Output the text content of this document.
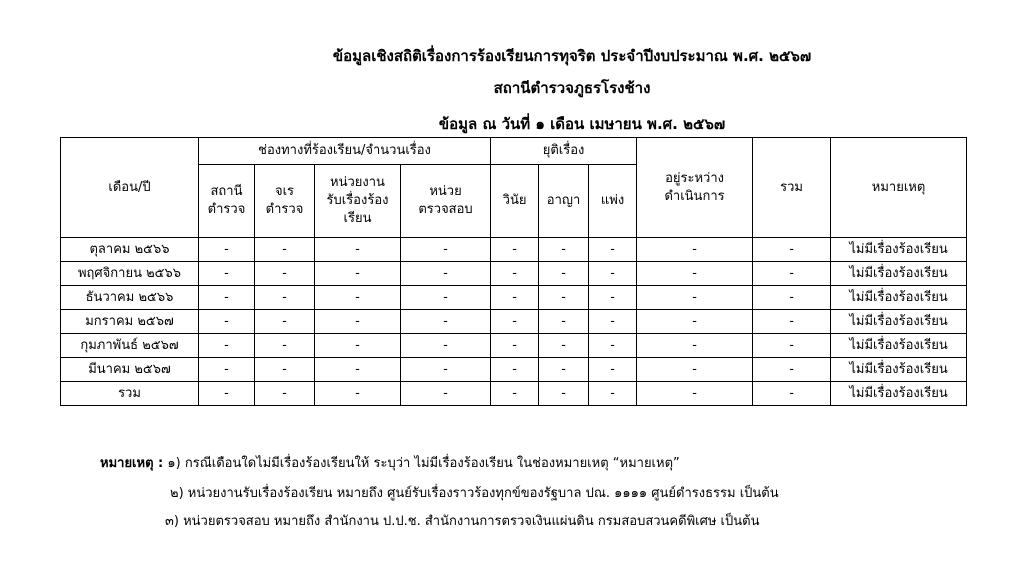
ข้อมูลเชิงสถิติเรื่องการร้องเรียนการทุจริต ประจำปีงบประมาณ พ.ศ. ๒๕๖๗
สถานีตำรวจภูธรโรงช้าง
ข้อมูล ณ วันที่ ๑ เดือน เมษายน พ.ศ. ๒๕๖๗
เดือน/ปี	ช่องทางที่ร้องเรียน/จำนวนเรื่อง				ยุติเรื่อง			อยู่ระหว่างดำเนินการ	รวม	หมายเหตุ
	สถานีตำรวจ	จเรตำรวจ	หน่วยงานรับเรื่องร้องเรียน	หน่วยตรวจสอบ	วินัย	อาญา	แพ่ง			
ตุลาคม ๒๕๖๖	-	-	-	-	-	-	-	-	-	ไม่มีเรื่องร้องเรียน
พฤศจิกายน ๒๕๖๖	-	-	-	-	-	-	-	-	-	ไม่มีเรื่องร้องเรียน
ธันวาคม ๒๕๖๖	-	-	-	-	-	-	-	-	-	ไม่มีเรื่องร้องเรียน
มกราคม ๒๕๖๗	-	-	-	-	-	-	-	-	-	ไม่มีเรื่องร้องเรียน
กุมภาพันธ์ ๒๕๖๗	-	-	-	-	-	-	-	-	-	ไม่มีเรื่องร้องเรียน
มีนาคม ๒๕๖๗	-	-	-	-	-	-	-	-	-	ไม่มีเรื่องร้องเรียน
รวม	-	-	-	-	-	-	-	-	-	ไม่มีเรื่องร้องเรียน
หมายเหตุ : ๑) กรณีเดือนใดไม่มีเรื่องร้องเรียนให้ ระบุว่า ไม่มีเรื่องร้องเรียน ในช่องหมายเหตุ “หมายเหตุ”
๒) หน่วยงานรับเรื่องร้องเรียน หมายถึง ศูนย์รับเรื่องราวร้องทุกข์ของรัฐบาล ปณ. ๑๑๑๑ ศูนย์ดำรงธรรม เป็นต้น
๓) หน่วยตรวจสอบ หมายถึง สำนักงาน ป.ป.ช. สำนักงานการตรวจเงินแผ่นดิน กรมสอบสวนคดีพิเศษ เป็นต้น
